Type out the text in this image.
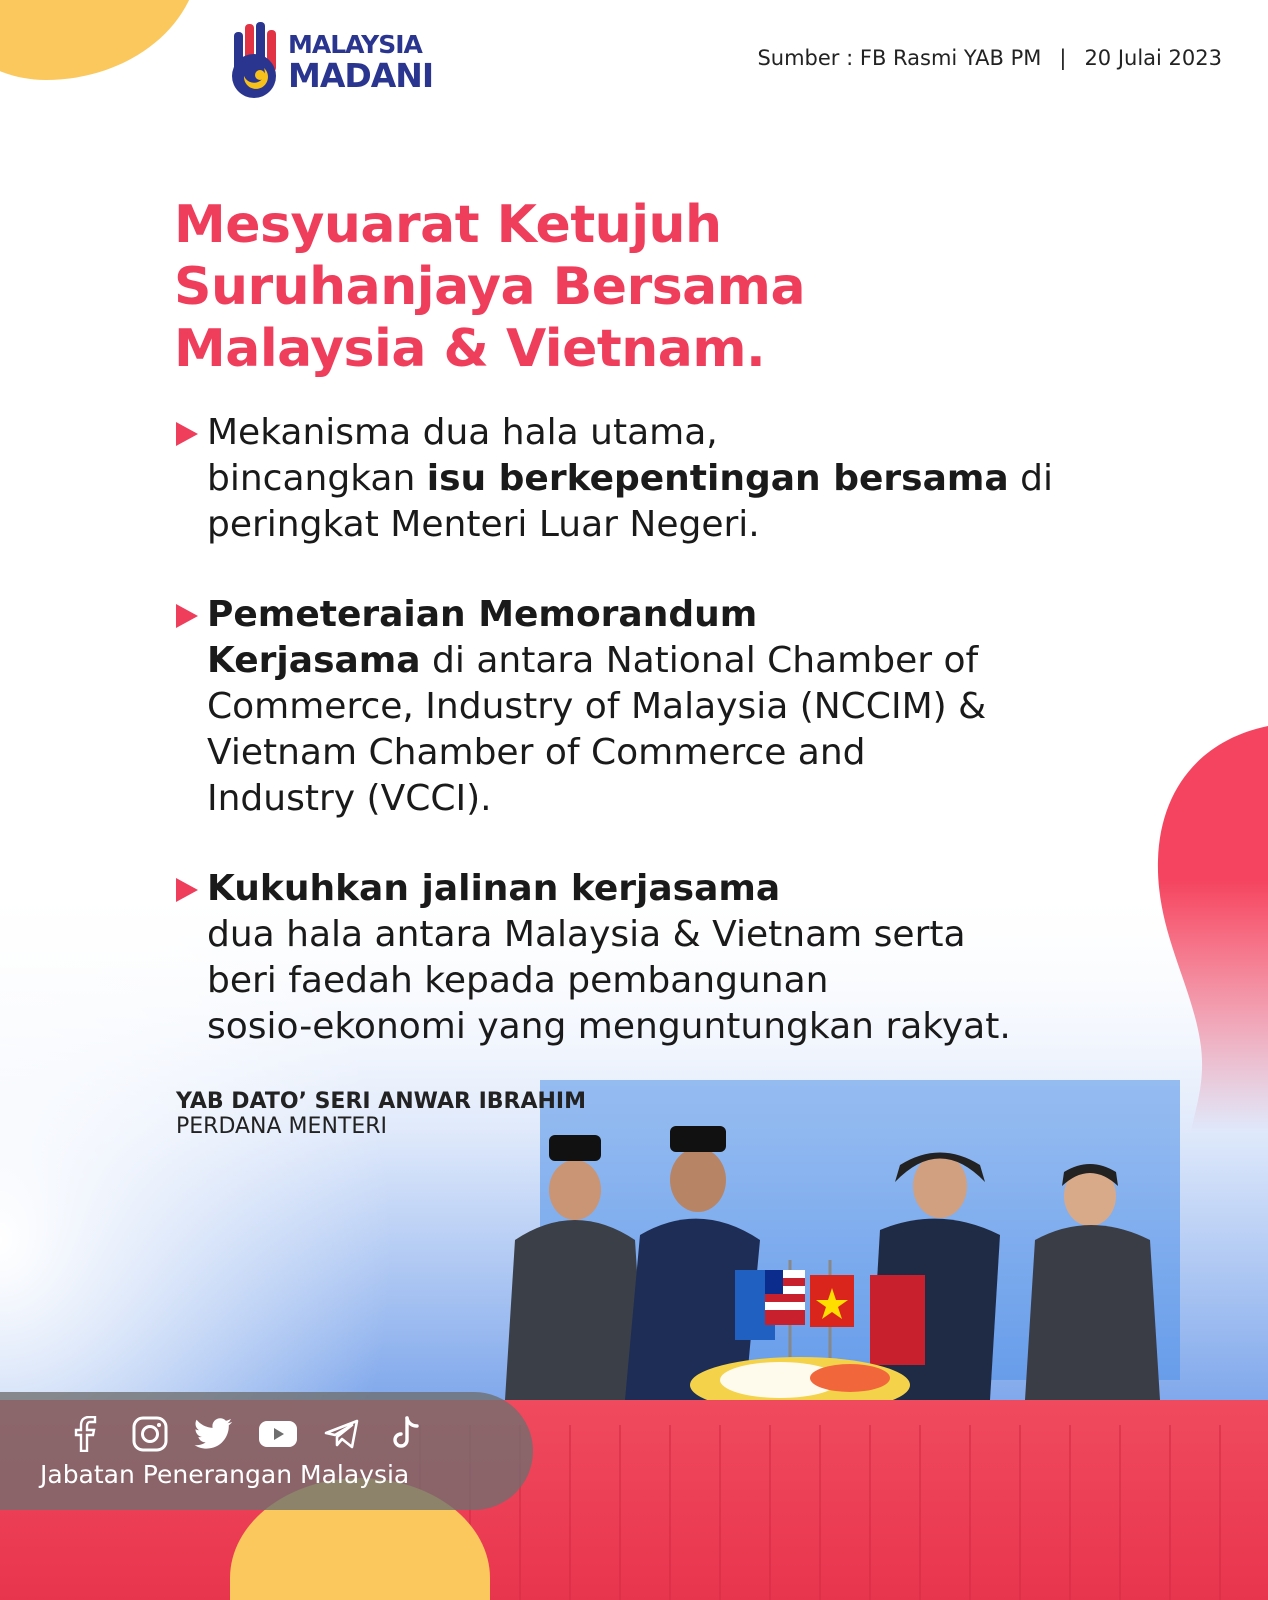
MALAYSIA
MADANI	Sumber : FB Rasmi YAB PM | 20 Julai 2023
Mesyuarat Ketujuh
Suruhanjaya Bersama
Malaysia & Vietnam.
Mekanisma dua hala utama,
bincangkan isu berkepentingan bersama di
peringkat Menteri Luar Negeri.
Pemeteraian Memorandum
Kerjasama di antara National Chamber of
Commerce, Industry of Malaysia (NCCIM) &
Vietnam Chamber of Commerce and
Industry (VCCI).
Kukuhkan jalinan kerjasama
dua hala antara Malaysia & Vietnam serta
beri faedah kepada pembangunan
sosio-ekonomi yang menguntungkan rakyat.
YAB DATO’ SERI ANWAR IBRAHIM
PERDANA MENTERI
Jabatan Penerangan Malaysia
